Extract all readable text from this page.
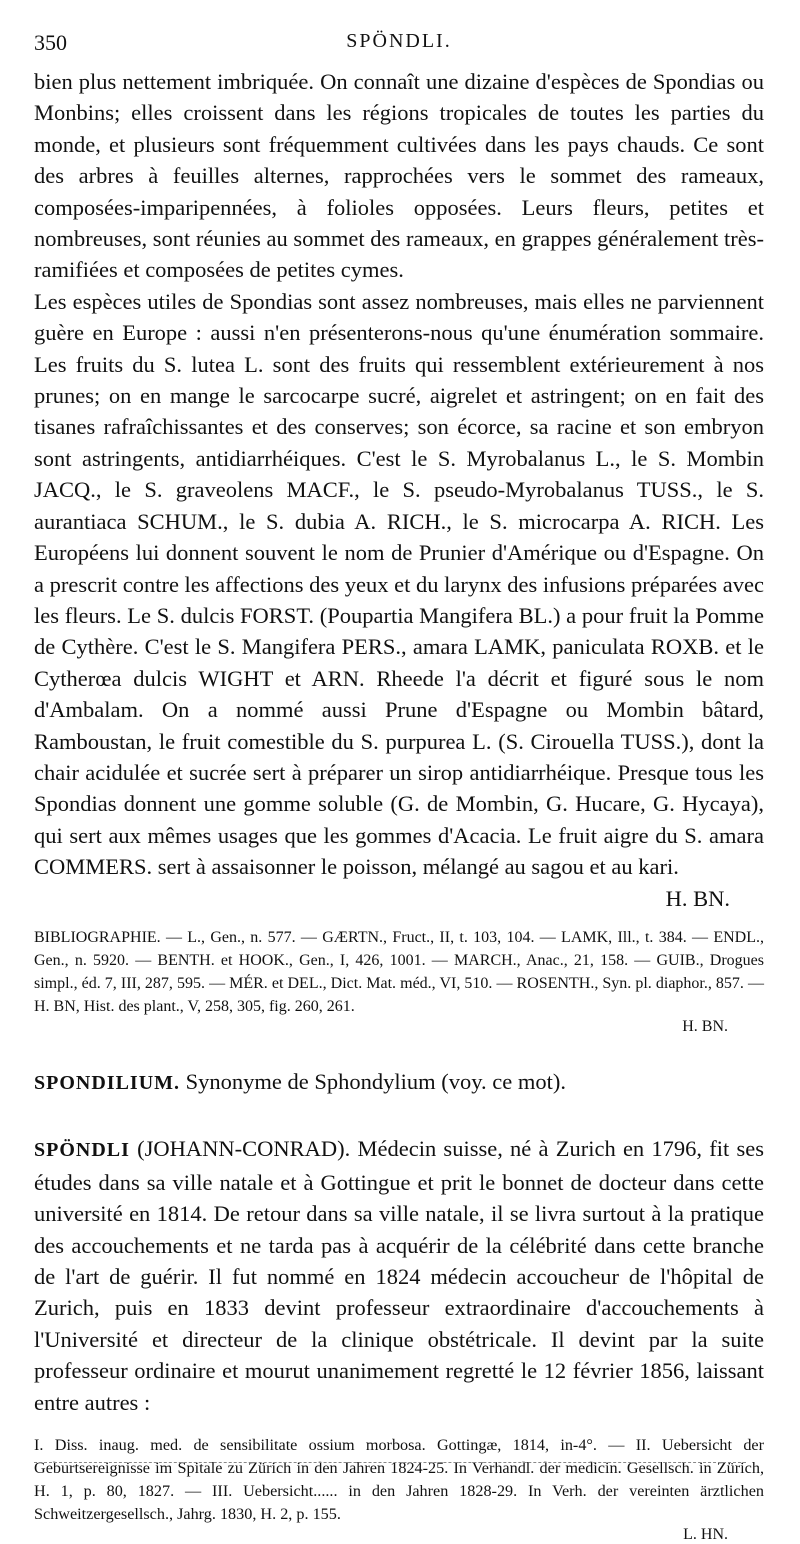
350	SPÖNDLI.

bien plus nettement imbriquée. On connaît une dizaine d'espèces de Spondias ou Monbins; elles croissent dans les régions tropicales de toutes les parties du monde, et plusieurs sont fréquemment cultivées dans les pays chauds. Ce sont des arbres à feuilles alternes, rapprochées vers le sommet des rameaux, composées-imparipennées, à folioles opposées. Leurs fleurs, petites et nombreuses, sont réunies au sommet des rameaux, en grappes généralement très-ramifiées et composées de petites cymes.

Les espèces utiles de Spondias sont assez nombreuses, mais elles ne parviennent guère en Europe : aussi n'en présenterons-nous qu'une énumération sommaire. Les fruits du S. lutea L. sont des fruits qui ressemblent extérieurement à nos prunes; on en mange le sarcocarpe sucré, aigrelet et astringent; on en fait des tisanes rafraîchissantes et des conserves; son écorce, sa racine et son embryon sont astringents, antidiarrhéiques. C'est le S. Myrobalanus L., le S. Mombin JACQ., le S. graveolens MACF., le S. pseudo-Myrobalanus TUSS., le S. aurantiaca SCHUM., le S. dubia A. RICH., le S. microcarpa A. RICH. Les Européens lui donnent souvent le nom de Prunier d'Amérique ou d'Espagne. On a prescrit contre les affections des yeux et du larynx des infusions préparées avec les fleurs. Le S. dulcis FORST. (Poupartia Mangifera BL.) a pour fruit la Pomme de Cythère. C'est le S. Mangifera PERS., amara LAMK, paniculata ROXB. et le Cytherœa dulcis WIGHT et ARN. Rheede l'a décrit et figuré sous le nom d'Ambalam. On a nommé aussi Prune d'Espagne ou Mombin bâtard, Ramboustan, le fruit comestible du S. purpurea L. (S. Cirouella TUSS.), dont la chair acidulée et sucrée sert à préparer un sirop antidiarrhéique. Presque tous les Spondias donnent une gomme soluble (G. de Mombin, G. Hucare, G. Hycaya), qui sert aux mêmes usages que les gommes d'Acacia. Le fruit aigre du S. amara COMMERS. sert à assaisonner le poisson, mélangé au sagou et au kari.

H. BN.

BIBLIOGRAPHIE. — L., Gen., n. 577. — GÆRTN., Fruct., II, t. 103, 104. — LAMK, Ill., t. 384. — ENDL., Gen., n. 5920. — BENTH. et HOOK., Gen., I, 426, 1001. — MARCH., Anac., 21, 158. — GUIB., Drogues simpl., éd. 7, III, 287, 595. — MÉR. et DEL., Dict. Mat. méd., VI, 510. — ROSENTH., Syn. pl. diaphor., 857. — H. BN, Hist. des plant., V, 258, 305, fig. 260, 261.
H. BN.

SPONDILIUM. Synonyme de Sphondylium (voy. ce mot).

SPÖNDLI (JOHANN-CONRAD). Médecin suisse, né à Zurich en 1796, fit ses études dans sa ville natale et à Gottingue et prit le bonnet de docteur dans cette université en 1814. De retour dans sa ville natale, il se livra surtout à la pratique des accouchements et ne tarda pas à acquérir de la célébrité dans cette branche de l'art de guérir. Il fut nommé en 1824 médecin accoucheur de l'hôpital de Zurich, puis en 1833 devint professeur extraordinaire d'accouchements à l'Université et directeur de la clinique obstétricale. Il devint par la suite professeur ordinaire et mourut unanimement regretté le 12 février 1856, laissant entre autres :

I. Diss. inaug. med. de sensibilitate ossium morbosa. Gottingæ, 1814, in-4°. — II. Uebersicht der Geburtsereignisse im Spitale zu Zürich in den Jahren 1824-25. In Verhandl. der medicin. Gesellsch. in Zürich, H. 1, p. 80, 1827. — III. Uebersicht...... in den Jahren 1828-29. In Verh. der vereinten ärztlichen Schweitzergesellsch., Jahrg. 1830, H. 2, p. 155.
L. HN.
